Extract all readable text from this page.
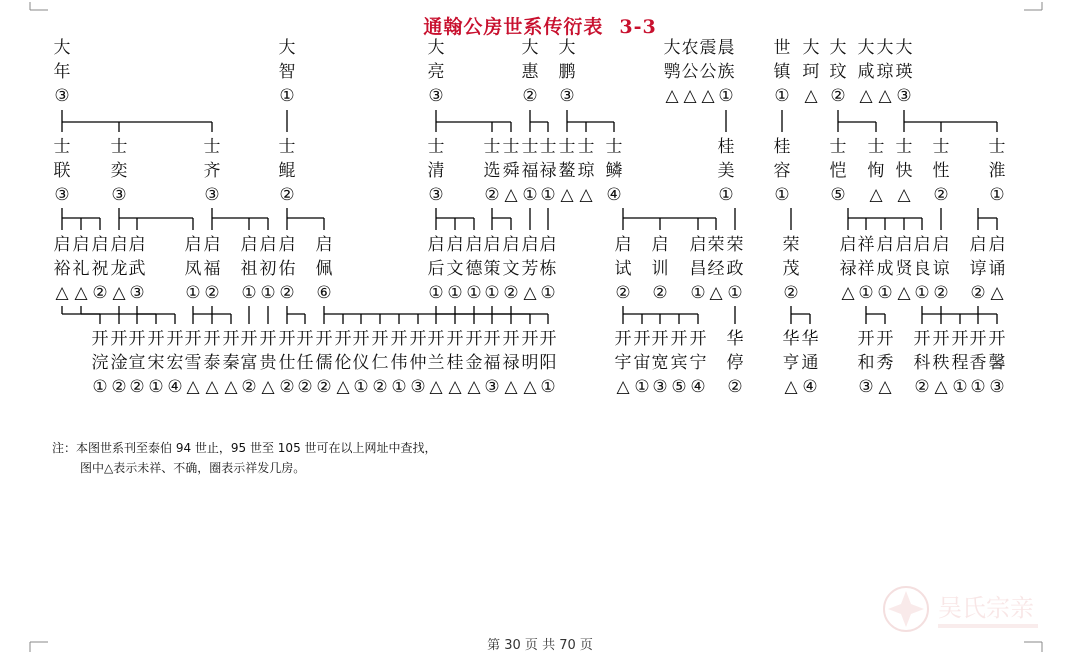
通翰公房世系传衍表 3-3
大
年
③
大
智
①
大
亮
③
大
惠
②
大
鹏
③
大
鹗
△
农
公
△
震
公
△
晨
族
①
世
镇
①
大
珂
△
大
玟
②
大
咸
△
大
琼
△
大
瑛
③
士
联
③
士
奕
③
士
齐
③
士
鲲
②
士
清
③
士
选
②
士
舜
△
士
福
①
士
禄
①
士
鳌
△
士
琼
△
士
鳞
④
桂
美
①
桂
容
①
士
恺
⑤
士
恂
△
士
快
△
士
性
②
士
淮
①
启
裕
△
启
礼
△
启
祝
②
启
龙
△
启
武
③
启
凤
①
启
福
②
启
祖
①
启
初
①
启
佑
②
启
佩
⑥
启
后
①
启
文
①
启
德
①
启
策
①
启
文
②
启
芳
△
启
栋
①
启
试
②
启
训
②
启
昌
①
荣
经
△
荣
政
①
荣
茂
②
启
禄
△
祥
祥
①
启
成
①
启
贤
△
启
良
①
启
谅
②
启
谆
②
启
诵
△
开
浣
①
开
淦
②
开
宣
②
开
宋
①
开
宏
④
开
雪
△
开
泰
△
开
秦
△
开
富
②
开
贵
△
开
仕
②
开
任
②
开
儒
②
开
伦
△
开
仪
①
开
仁
②
开
伟
①
开
仲
③
开
兰
△
开
桂
△
开
金
△
开
福
③
开
禄
△
开
明
△
开
阳
①
开
宇
△
开
宙
①
开
宽
③
开
宾
⑤
开
宁
④
华
停
②
华
亨
△
华
通
④
开
和
③
开
秀
△
开
科
②
开
秩
△
开
程
①
开
香
①
开
馨
③
注：本图世系刊至泰伯 94 世止，95 世至 105 世可在以上网址中查找，
图中△表示未祥、不确，圈表示祥发几房。
第 30 页 共 70 页
吴氏宗亲
